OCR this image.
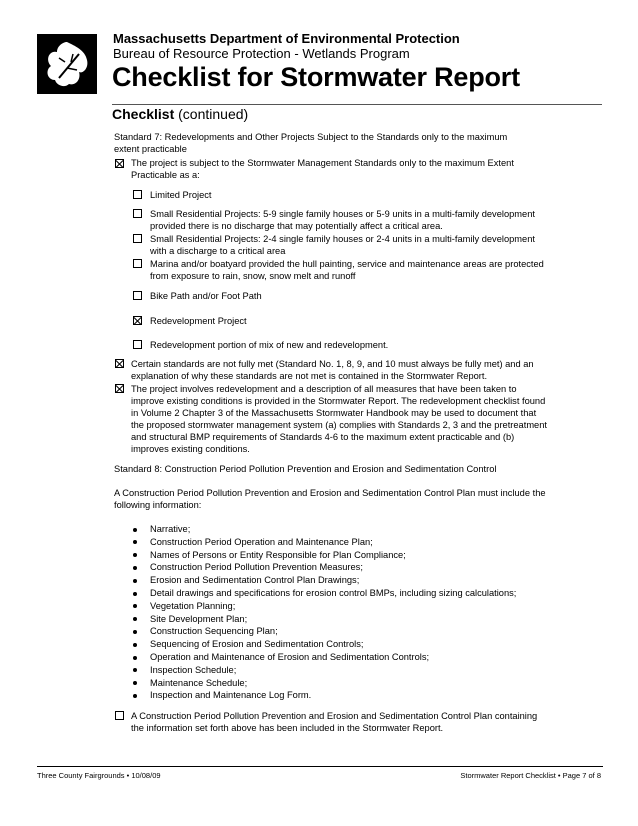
Massachusetts Department of Environmental Protection
Bureau of Resource Protection - Wetlands Program
Checklist for Stormwater Report
Checklist (continued)
Standard 7: Redevelopments and Other Projects Subject to the Standards only to the maximum
extent practicable
The project is subject to the Stormwater Management Standards only to the maximum Extent
Practicable as a:
Limited Project
Small Residential Projects: 5-9 single family houses or 5-9 units in a multi-family development
provided there is no discharge that may potentially affect a critical area.
Small Residential Projects: 2-4 single family houses or 2-4 units in a multi-family development
with a discharge to a critical area
Marina and/or boatyard provided the hull painting, service and maintenance areas are protected
from exposure to rain, snow, snow melt and runoff
Bike Path and/or Foot Path
Redevelopment Project
Redevelopment portion of mix of new and redevelopment.
Certain standards are not fully met (Standard No. 1, 8, 9, and 10 must always be fully met) and an
explanation of why these standards are not met is contained in the Stormwater Report.
The project involves redevelopment and a description of all measures that have been taken to
improve existing conditions is provided in the Stormwater Report. The redevelopment checklist found
in Volume 2 Chapter 3 of the Massachusetts Stormwater Handbook may be used to document that
the proposed stormwater management system (a) complies with Standards 2, 3 and the pretreatment
and structural BMP requirements of Standards 4-6 to the maximum extent practicable and (b)
improves existing conditions.
Standard 8: Construction Period Pollution Prevention and Erosion and Sedimentation Control
A Construction Period Pollution Prevention and Erosion and Sedimentation Control Plan must include the
following information:
Narrative;
Construction Period Operation and Maintenance Plan;
Names of Persons or Entity Responsible for Plan Compliance;
Construction Period Pollution Prevention Measures;
Erosion and Sedimentation Control Plan Drawings;
Detail drawings and specifications for erosion control BMPs, including sizing calculations;
Vegetation Planning;
Site Development Plan;
Construction Sequencing Plan;
Sequencing of Erosion and Sedimentation Controls;
Operation and Maintenance of Erosion and Sedimentation Controls;
Inspection Schedule;
Maintenance Schedule;
Inspection and Maintenance Log Form.
A Construction Period Pollution Prevention and Erosion and Sedimentation Control Plan containing
the information set forth above has been included in the Stormwater Report.
Three County Fairgrounds • 10/08/09	Stormwater Report Checklist • Page 7 of 8
